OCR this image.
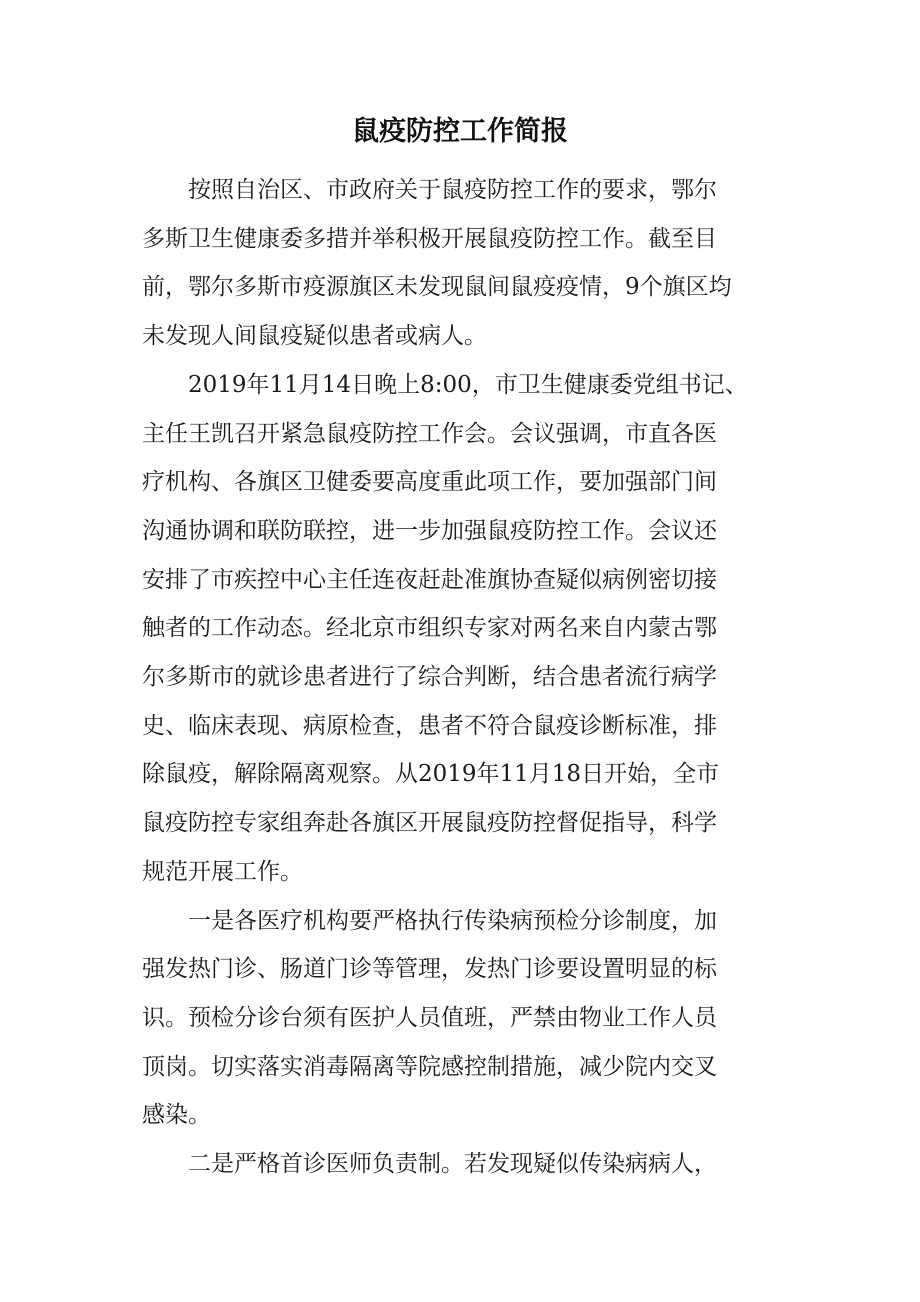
鼠疫防控工作简报

按照自治区、市政府关于鼠疫防控工作的要求，鄂尔
多斯卫生健康委多措并举积极开展鼠疫防控工作。截至目
前，鄂尔多斯市疫源旗区未发现鼠间鼠疫疫情，9个旗区均
未发现人间鼠疫疑似患者或病人。

2019年11月14日晚上8:00，市卫生健康委党组书记、
主任王凯召开紧急鼠疫防控工作会。会议强调，市直各医
疗机构、各旗区卫健委要高度重此项工作，要加强部门间
沟通协调和联防联控，进一步加强鼠疫防控工作。会议还
安排了市疾控中心主任连夜赶赴准旗协查疑似病例密切接
触者的工作动态。经北京市组织专家对两名来自内蒙古鄂
尔多斯市的就诊患者进行了综合判断，结合患者流行病学
史、临床表现、病原检查，患者不符合鼠疫诊断标准，排
除鼠疫，解除隔离观察。从2019年11月18日开始，全市
鼠疫防控专家组奔赴各旗区开展鼠疫防控督促指导，科学
规范开展工作。

一是各医疗机构要严格执行传染病预检分诊制度，加
强发热门诊、肠道门诊等管理，发热门诊要设置明显的标
识。预检分诊台须有医护人员值班，严禁由物业工作人员
顶岗。切实落实消毒隔离等院感控制措施，减少院内交叉
感染。

二是严格首诊医师负责制。若发现疑似传染病病人，
